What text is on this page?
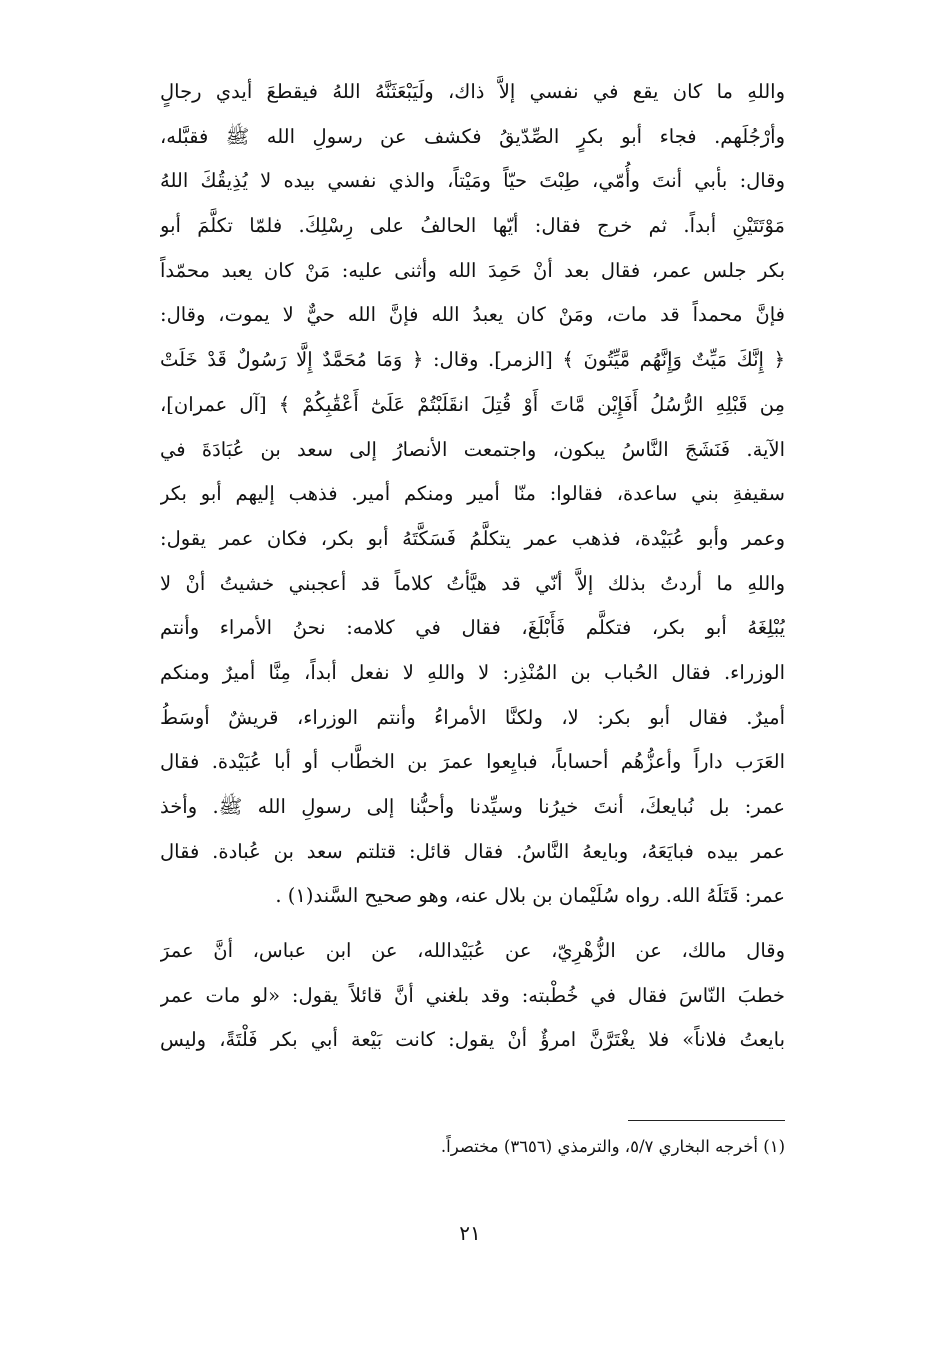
واللهِ ما كان يقع في نفسي إلاَّ ذاك، ولَيَبْعَثَنَّهُ اللهُ فيقطعَ أيدي رجالٍ
وأرْجُلَهم. فجاء أبو بكرٍ الصِّدّيقُ فكشف عن رسولِ الله ﷺ فقبَّله،
وقال: بأبي أنتَ وأُمّي، طِبْتَ حيّاً ومَيْتاً، والذي نفسي بيده لا يُذِيقُكَ اللهُ
مَوْتَتَيْنِ أبداً. ثم خرج فقال: أيّها الحالفُ على رِسْلِكَ. فلمّا تكلَّمَ أبو
بكر جلس عمر، فقال بعد أنْ حَمِدَ الله وأثنى عليه: مَنْ كان يعبد محمّداً
فإنَّ محمداً قد مات، ومَنْ كان يعبدُ الله فإنَّ الله حيٌّ لا يموت، وقال:
﴿ إِنَّكَ مَيِّتٌ وَإِنَّهُم مَّيِّتُونَ ﴾ [الزمر]. وقال: ﴿ وَمَا مُحَمَّدٌ إِلَّا رَسُولٌ قَدْ خَلَتْ
مِن قَبْلِهِ الرُّسُلُ أَفَإِيْن مَّاتَ أَوْ قُتِلَ انقَلَبْتُمْ عَلَىٰٓ أَعْقَٰبِكُمْ ﴾ [آل عمران]،
الآية. فَنَشَجَ النَّاسُ يبكون، واجتمعت الأنصارُ إلى سعد بن عُبَادَةَ في
سقيفةِ بني ساعدة، فقالوا: منّا أمير ومنكم أمير. فذهب إليهم أبو بكر
وعمر وأبو عُبَيْدة، فذهب عمر يتكلَّمُ فَسَكَّتَهُ أبو بكر، فكان عمر يقول:
واللهِ ما أردتُ بذلك إلاَّ أنّي قد هيَّأتُ كلاماً قد أعجبني خشيتُ أنْ لا
يُبْلِغَهُ أبو بكر، فتكلَّم فَأَبْلَغَ، فقال في كلامه: نحنُ الأمراء وأنتم
الوزراء. فقال الحُباب بن المُنْذِر: لا واللهِ لا نفعل أبداً، مِنَّا أميرٌ ومنكم
أميرٌ. فقال أبو بكر: لا، ولكنَّا الأمراءُ وأنتم الوزراء، قريشٌ أوسَطُ
العَرَب داراً وأعزُّهُم أحساباً، فبايِعوا عمرَ بن الخطَّاب أو أبا عُبَيْدة. فقال
عمر: بل نُبايعكَ، أنتَ خيرُنا وسيِّدنا وأحبُّنا إلى رسولِ الله ﷺ. وأخذ
عمر بيده فبايَعَهُ، وبايعهُ النَّاسُ. فقال قائل: قتلتم سعد بن عُبادة. فقال
عمر: قَتَلَهُ الله. رواه سُلَيْمان بن بلال عنه، وهو صحيح السَّند(١) .
وقال مالك، عن الزُّهْرِيّ، عن عُبَيْدالله، عن ابن عباس، أنَّ عمرَ
خطبَ النّاسَ فقال في خُطْبته: وقد بلغني أنَّ قائلاً يقول: «لو مات عمر
بايعتُ فلاناً» فلا يغْتَرَّنَّ امرؤٌ أنْ يقول: كانت بَيْعة أبي بكر فَلْتَةً، وليس
(١) أخرجه البخاري ٥/٧، والترمذي (٣٦٥٦) مختصراً.
٢١
